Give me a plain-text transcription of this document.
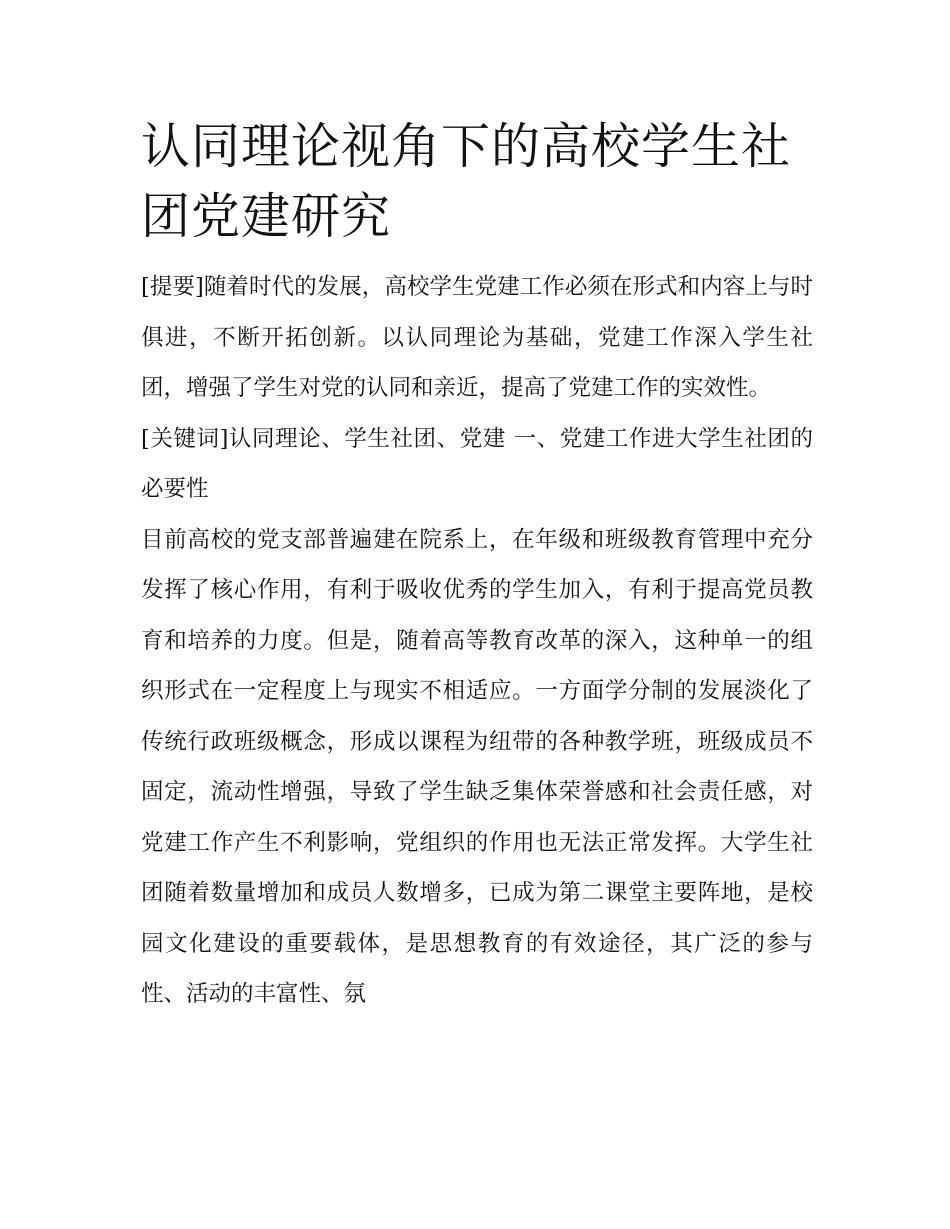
认同理论视角下的高校学生社团党建研究

[提要]随着时代的发展，高校学生党建工作必须在形式和内容上与时俱进，不断开拓创新。以认同理论为基础，党建工作深入学生社团，增强了学生对党的认同和亲近，提高了党建工作的实效性。

[关键词]认同理论、学生社团、党建 一、党建工作进大学生社团的必要性

目前高校的党支部普遍建在院系上，在年级和班级教育管理中充分发挥了核心作用，有利于吸收优秀的学生加入，有利于提高党员教育和培养的力度。但是，随着高等教育改革的深入，这种单一的组织形式在一定程度上与现实不相适应。一方面学分制的发展淡化了传统行政班级概念，形成以课程为纽带的各种教学班，班级成员不固定，流动性增强，导致了学生缺乏集体荣誉感和社会责任感，对党建工作产生不利影响，党组织的作用也无法正常发挥。大学生社团随着数量增加和成员人数增多，已成为第二课堂主要阵地，是校园文化建设的重要载体，是思想教育的有效途径，其广泛的参与性、活动的丰富性、氛
